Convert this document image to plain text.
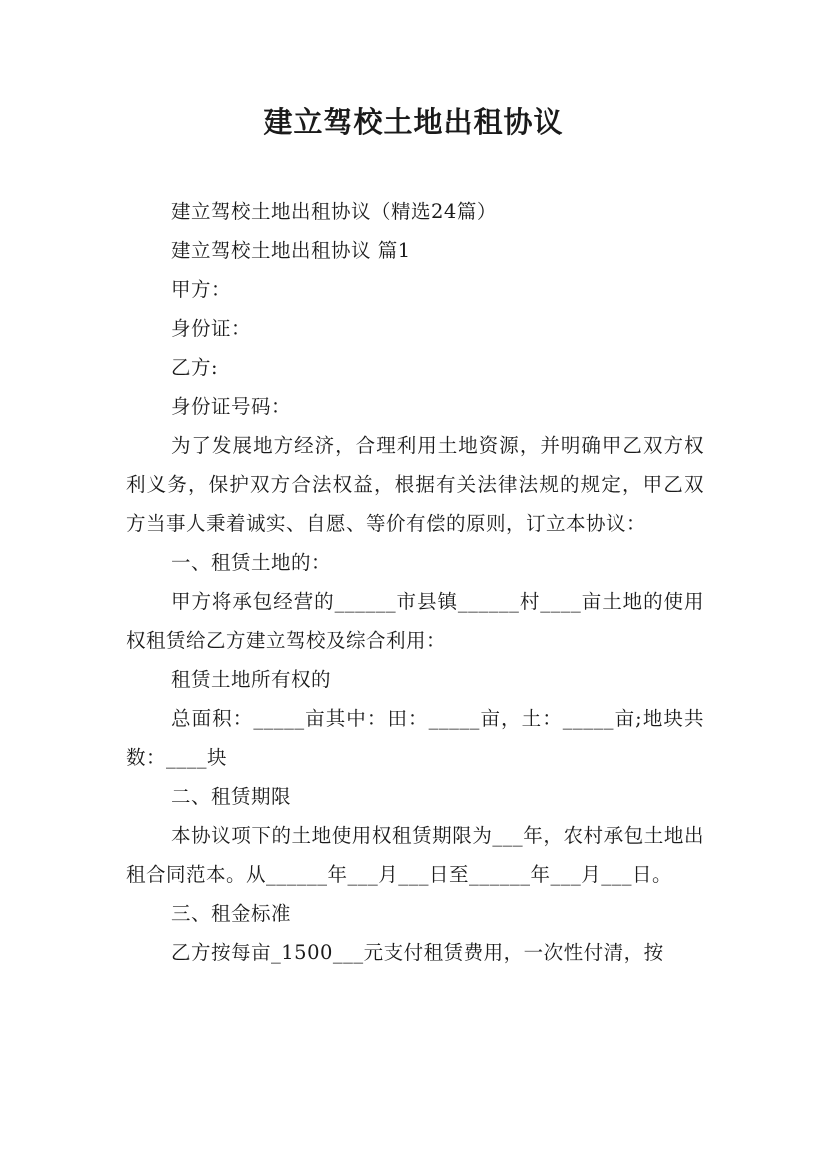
建立驾校土地出租协议

建立驾校土地出租协议（精选24篇）

建立驾校土地出租协议 篇1

甲方：

身份证：

乙方:

身份证号码：

为了发展地方经济，合理利用土地资源，并明确甲乙双方权利义务，保护双方合法权益，根据有关法律法规的规定，甲乙双方当事人秉着诚实、自愿、等价有偿的原则，订立本协议：

一、租赁土地的：

甲方将承包经营的______市县镇______村____亩土地的使用权租赁给乙方建立驾校及综合利用：

租赁土地所有权的

总面积：_____亩其中：田：_____亩，土：_____亩;地块共数：____块

二、租赁期限

本协议项下的土地使用权租赁期限为___年，农村承包土地出租合同范本。从______年___月___日至______年___月___日。

三、租金标准

乙方按每亩_1500___元支付租赁费用，一次性付清，按
